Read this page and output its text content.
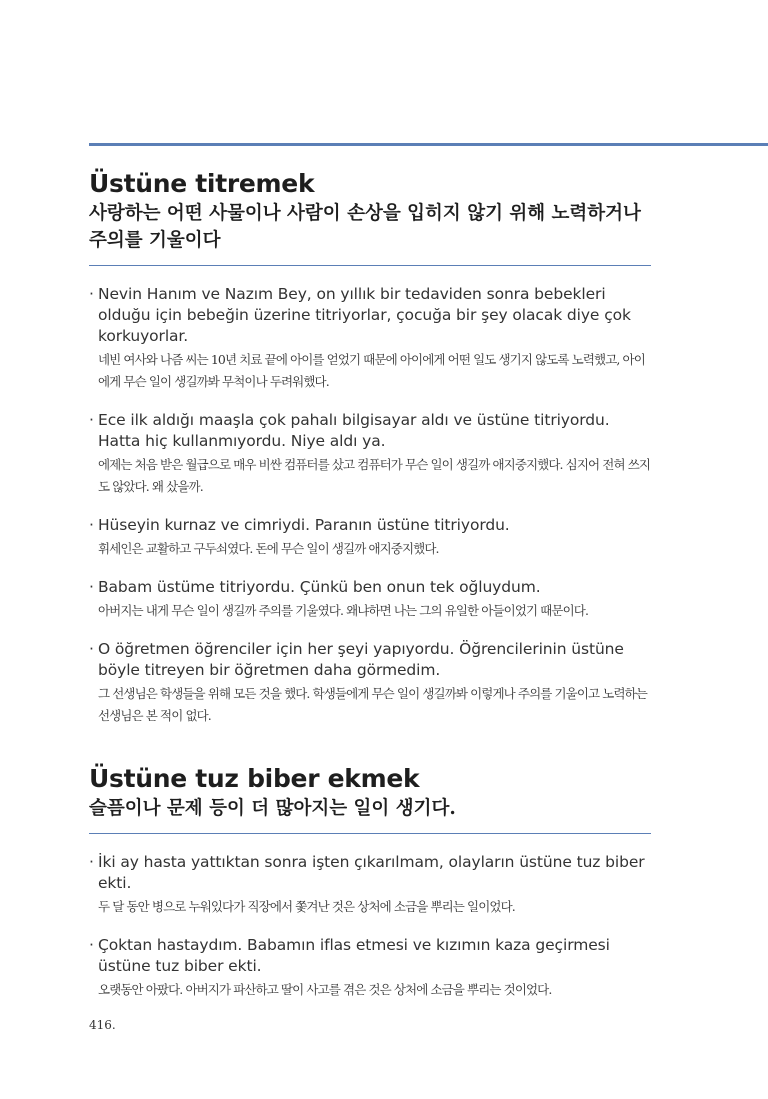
Üstüne titremek

사랑하는 어떤 사물이나 사람이 손상을 입히지 않기 위해 노력하거나 주의를 기울이다

· Nevin Hanım ve Nazım Bey, on yıllık bir tedaviden sonra bebekleri olduğu için bebeğin üzerine titriyorlar, çocuğa bir şey olacak diye çok korkuyorlar.

네빈 여사와 나즘 씨는 10년 치료 끝에 아이를 얻었기 때문에 아이에게 어떤 일도 생기지 않도록 노력했고, 아이에게 무슨 일이 생길까봐 무척이나 두려워했다.

· Ece ilk aldığı maaşla çok pahalı bilgisayar aldı ve üstüne titriyordu. Hatta hiç kullanmıyordu. Niye aldı ya.

에제는 처음 받은 월급으로 매우 비싼 컴퓨터를 샀고 컴퓨터가 무슨 일이 생길까 애지중지했다. 심지어 전혀 쓰지도 않았다. 왜 샀을까.

· Hüseyin kurnaz ve cimriydi. Paranın üstüne titriyordu.

휘세인은 교활하고 구두쇠였다. 돈에 무슨 일이 생길까 애지중지했다.

· Babam üstüme titriyordu. Çünkü ben onun tek oğluydum.

아버지는 내게 무슨 일이 생길까 주의를 기울였다. 왜냐하면 나는 그의 유일한 아들이었기 때문이다.

· O öğretmen öğrenciler için her şeyi yapıyordu. Öğrencilerinin üstüne böyle titreyen bir öğretmen daha görmedim.

그 선생님은 학생들을 위해 모든 것을 했다. 학생들에게 무슨 일이 생길까봐 이렇게나 주의를 기울이고 노력하는 선생님은 본 적이 없다.

Üstüne tuz biber ekmek

슬픔이나 문제 등이 더 많아지는 일이 생기다.

· İki ay hasta yattıktan sonra işten çıkarılmam, olayların üstüne tuz biber ekti.

두 달 동안 병으로 누워있다가 직장에서 쫓겨난 것은 상처에 소금을 뿌리는 일이었다.

· Çoktan hastaydım. Babamın iflas etmesi ve kızımın kaza geçirmesi üstüne tuz biber ekti.

오랫동안 아팠다. 아버지가 파산하고 딸이 사고를 겪은 것은 상처에 소금을 뿌리는 것이었다.

416.
